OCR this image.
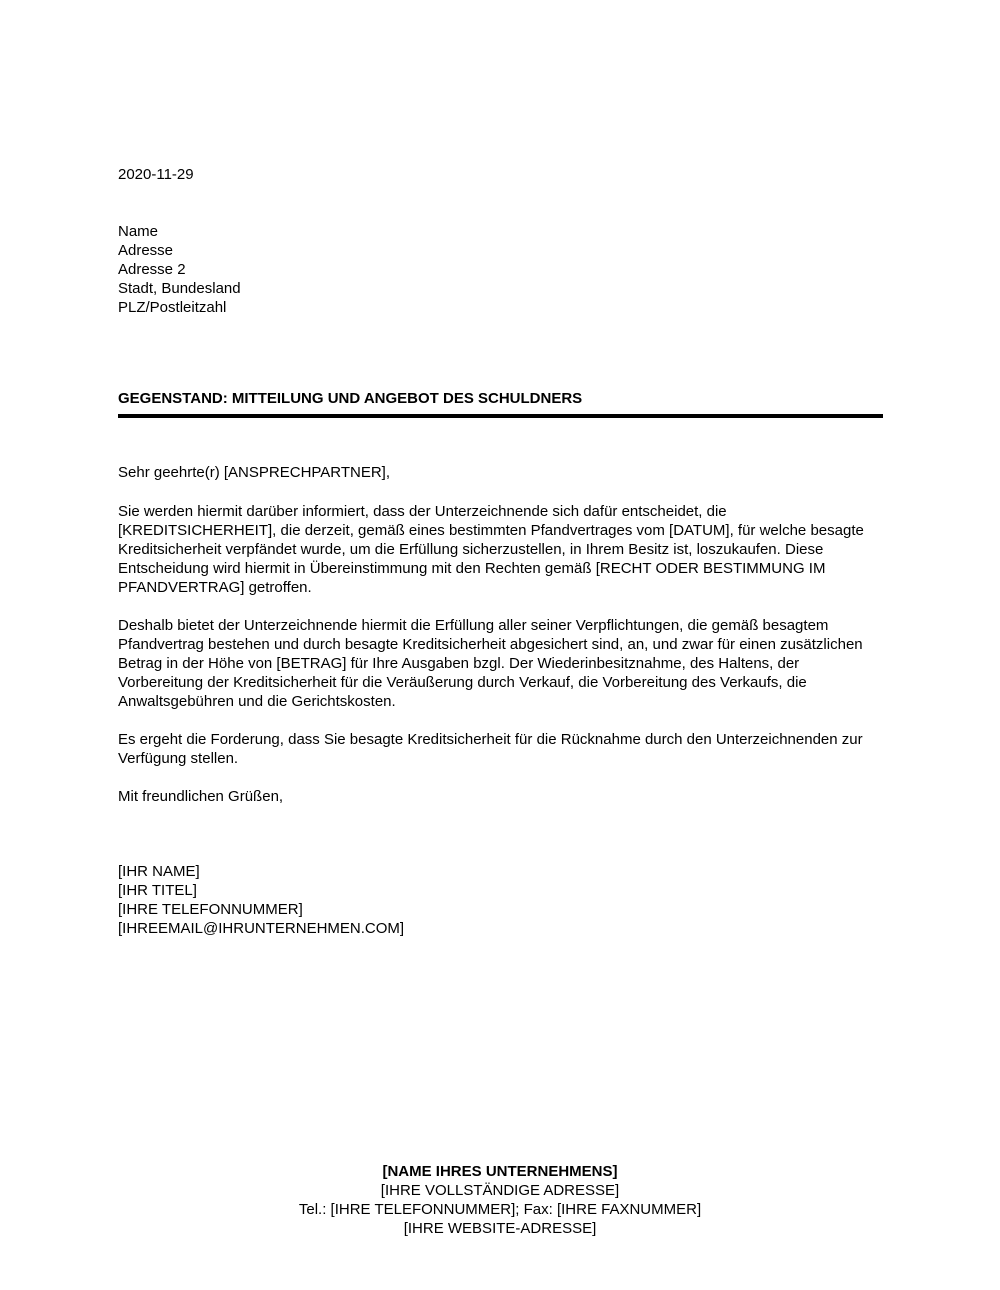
2020-11-29
Name
Adresse
Adresse 2
Stadt, Bundesland
PLZ/Postleitzahl
GEGENSTAND: MITTEILUNG UND ANGEBOT DES SCHULDNERS
Sehr geehrte(r) [ANSPRECHPARTNER],

Sie werden hiermit darüber informiert, dass der Unterzeichnende sich dafür entscheidet, die [KREDITSICHERHEIT], die derzeit, gemäß eines bestimmten Pfandvertrages vom [DATUM], für welche besagte Kreditsicherheit verpfändet wurde, um die Erfüllung sicherzustellen, in Ihrem Besitz ist, loszukaufen. Diese Entscheidung wird hiermit in Übereinstimmung mit den Rechten gemäß [RECHT ODER BESTIMMUNG IM PFANDVERTRAG] getroffen.

Deshalb bietet der Unterzeichnende hiermit die Erfüllung aller seiner Verpflichtungen, die gemäß besagtem Pfandvertrag bestehen und durch besagte Kreditsicherheit abgesichert sind, an, und zwar für einen zusätzlichen Betrag in der Höhe von [BETRAG] für Ihre Ausgaben bzgl. Der Wiederinbesitznahme, des Haltens, der Vorbereitung der Kreditsicherheit für die Veräußerung durch Verkauf, die Vorbereitung des Verkaufs, die Anwaltsgebühren und die Gerichtskosten.

Es ergeht die Forderung, dass Sie besagte Kreditsicherheit für die Rücknahme durch den Unterzeichnenden zur Verfügung stellen.

Mit freundlichen Grüßen,
[IHR NAME]
[IHR TITEL]
[IHRE TELEFONNUMMER]
[IHREEMAIL@IHRUNTERNEHMEN.COM]
[NAME IHRES UNTERNEHMENS]
[IHRE VOLLSTÄNDIGE ADRESSE]
Tel.: [IHRE TELEFONNUMMER]; Fax: [IHRE FAXNUMMER]
[IHRE WEBSITE-ADRESSE]
